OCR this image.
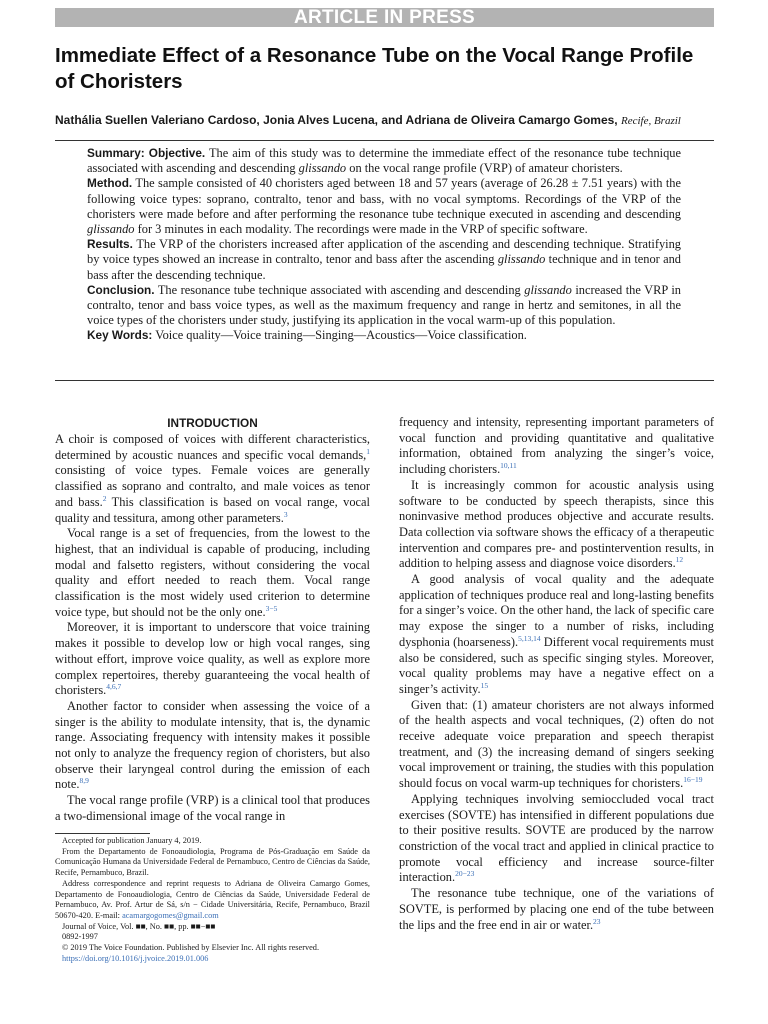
ARTICLE IN PRESS
Immediate Effect of a Resonance Tube on the Vocal Range Profile of Choristers
Nathália Suellen Valeriano Cardoso, Jonia Alves Lucena, and Adriana de Oliveira Camargo Gomes, Recife, Brazil

Summary: Objective. The aim of this study was to determine the immediate effect of the resonance tube technique associated with ascending and descending glissando on the vocal range profile (VRP) of amateur choristers.

Method. The sample consisted of 40 choristers aged between 18 and 57 years (average of 26.28 ± 7.51 years) with the following voice types: soprano, contralto, tenor and bass, with no vocal symptoms. Recordings of the VRP of the choristers were made before and after performing the resonance tube technique executed in ascending and descending glissando for 3 minutes in each modality. The recordings were made in the VRP of specific software.

Results. The VRP of the choristers increased after application of the ascending and descending technique. Stratifying by voice types showed an increase in contralto, tenor and bass after the ascending glissando technique and in tenor and bass after the descending technique.

Conclusion. The resonance tube technique associated with ascending and descending glissando increased the VRP in contralto, tenor and bass voice types, as well as the maximum frequency and range in hertz and semitones, in all the voice types of the choristers under study, justifying its application in the vocal warm-up of this population.

Key Words: Voice quality—Voice training—Singing—Acoustics—Voice classification.

INTRODUCTION

A choir is composed of voices with different characteristics, determined by acoustic nuances and specific vocal demands,$^1$ consisting of voice types. Female voices are generally classified as soprano and contralto, and male voices as tenor and bass.$^2$ This classification is based on vocal range, vocal quality and tessitura, among other parameters.$^3$

Vocal range is a set of frequencies, from the lowest to the highest, that an individual is capable of producing, including modal and falsetto registers, without considering the vocal quality and effort needed to reach them. Vocal range classification is the most widely used criterion to determine voice type, but should not be the only one.$^{3-5}$

Moreover, it is important to underscore that voice training makes it possible to develop low or high vocal ranges, sing without effort, improve voice quality, as well as explore more complex repertoires, thereby guaranteeing the vocal health of choristers.$^{4,6,7}$

Another factor to consider when assessing the voice of a singer is the ability to modulate intensity, that is, the dynamic range. Associating frequency with intensity makes it possible not only to analyze the frequency region of choristers, but also observe their laryngeal control during the emission of each note.$^{8,9}$

The vocal range profile (VRP) is a clinical tool that produces a two-dimensional image of the vocal range in

Accepted for publication January 4, 2019.
From the Departamento de Fonoaudiologia, Programa de Pós-Graduação em Saúde da Comunicação Humana da Universidade Federal de Pernambuco, Centro de Ciências da Saúde, Recife, Pernambuco, Brazil.
Address correspondence and reprint requests to Adriana de Oliveira Camargo Gomes, Departamento de Fonoaudiologia, Centro de Ciências da Saúde, Universidade Federal de Pernambuco, Av. Prof. Artur de Sá, s/n − Cidade Universitária, Recife, Pernambuco, Brazil 50670-420. E-mail: acamargogomes@gmail.com
Journal of Voice, Vol. ■■, No. ■■, pp. ■■−■■
0892-1997
© 2019 The Voice Foundation. Published by Elsevier Inc. All rights reserved.
https://doi.org/10.1016/j.jvoice.2019.01.006

frequency and intensity, representing important parameters of vocal function and providing quantitative and qualitative information, obtained from analyzing the singer’s voice, including choristers.$^{10,11}$

It is increasingly common for acoustic analysis using software to be conducted by speech therapists, since this noninvasive method produces objective and accurate results. Data collection via software shows the efficacy of a therapeutic intervention and compares pre- and postintervention results, in addition to helping assess and diagnose voice disorders.$^{12}$

A good analysis of vocal quality and the adequate application of techniques produce real and long-lasting benefits for a singer’s voice. On the other hand, the lack of specific care may expose the singer to a number of risks, including dysphonia (hoarseness).$^{5,13,14}$ Different vocal requirements must also be considered, such as specific singing styles. Moreover, vocal quality problems may have a negative effect on a singer’s activity.$^{15}$

Given that: (1) amateur choristers are not always informed of the health aspects and vocal techniques, (2) often do not receive adequate voice preparation and speech therapist treatment, and (3) the increasing demand of singers seeking vocal improvement or training, the studies with this population should focus on vocal warm-up techniques for choristers.$^{16-19}$

Applying techniques involving semioccluded vocal tract exercises (SOVTE) has intensified in different populations due to their positive results. SOVTE are produced by the narrow constriction of the vocal tract and applied in clinical practice to promote vocal efficiency and increase source-filter interaction.$^{20-23}$

The resonance tube technique, one of the variations of SOVTE, is performed by placing one end of the tube between the lips and the free end in air or water.$^{23}$
